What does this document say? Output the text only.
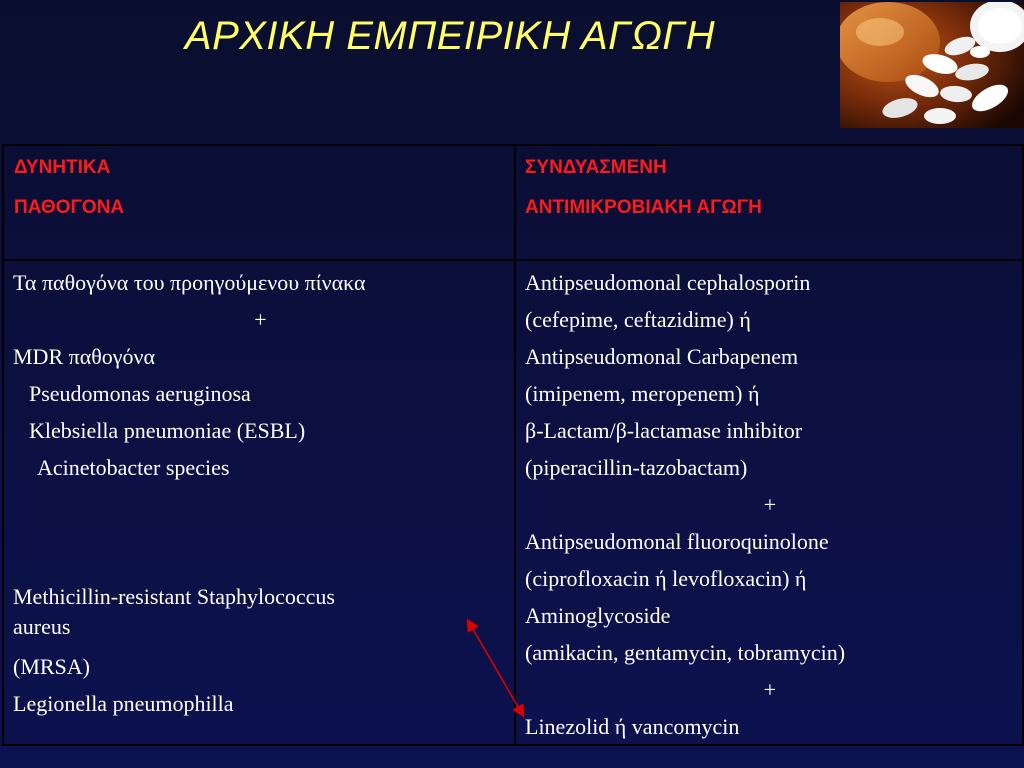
ΑΡΧΙΚΗ ΕΜΠΕΙΡΙΚΗ ΑΓΩΓΗ
ΔΥΝΗΤΙΚΑ
ΠΑΘΟΓΟΝΑ
ΣΥΝΔΥΑΣΜΕΝΗ
ΑΝΤΙΜΙΚΡΟΒΙΑΚΗ ΑΓΩΓΗ
Τα παθογόνα του προηγούμενου πίνακα
+
MDR παθογόνα
Pseudomonas aeruginosa
Klebsiella pneumoniae (ESBL)
Acinetobacter species
Methicillin-resistant Staphylococcus
aureus
(MRSA)
Legionella pneumophilla
Antipseudomonal cephalosporin
(cefepime, ceftazidime) ή
Antipseudomonal Carbapenem
(imipenem, meropenem) ή
β-Lactam/β-lactamase inhibitor
(piperacillin-tazobactam)
+
Antipseudomonal fluoroquinolone
(ciprofloxacin ή levofloxacin) ή
Aminoglycoside
(amikacin, gentamycin, tobramycin)
+
Linezolid ή vancomycin
